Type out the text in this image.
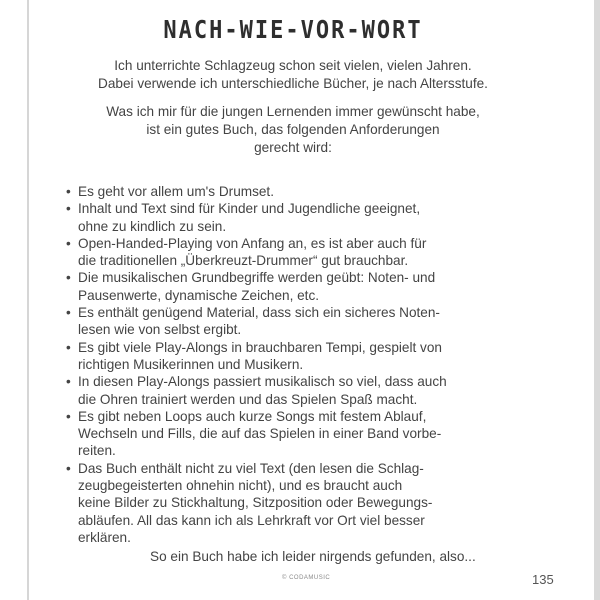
NACH-WIE-VOR-WORT

Ich unterrichte Schlagzeug schon seit vielen, vielen Jahren.
Dabei verwende ich unterschiedliche Bücher, je nach Altersstufe.

Was ich mir für die jungen Lernenden immer gewünscht habe,
ist ein gutes Buch, das folgenden Anforderungen
gerecht wird:

• Es geht vor allem um's Drumset.
• Inhalt und Text sind für Kinder und Jugendliche geeignet,
ohne zu kindlich zu sein.
• Open-Handed-Playing von Anfang an, es ist aber auch für
die traditionellen „Überkreuzt-Drummer“ gut brauchbar.
• Die musikalischen Grundbegriffe werden geübt: Noten- und
Pausenwerte, dynamische Zeichen, etc.
• Es enthält genügend Material, dass sich ein sicheres Noten-
lesen wie von selbst ergibt.
• Es gibt viele Play-Alongs in brauchbaren Tempi, gespielt von
richtigen Musikerinnen und Musikern.
• In diesen Play-Alongs passiert musikalisch so viel, dass auch
die Ohren trainiert werden und das Spielen Spaß macht.
• Es gibt neben Loops auch kurze Songs mit festem Ablauf,
Wechseln und Fills, die auf das Spielen in einer Band vorbe-
reiten.
• Das Buch enthält nicht zu viel Text (den lesen die Schlag-
zeugbegeisterten ohnehin nicht), und es braucht auch
keine Bilder zu Stickhaltung, Sitzposition oder Bewegungs-
abläufen. All das kann ich als Lehrkraft vor Ort viel besser
erklären.
So ein Buch habe ich leider nirgends gefunden, also...
© CODAMUSIC	135
